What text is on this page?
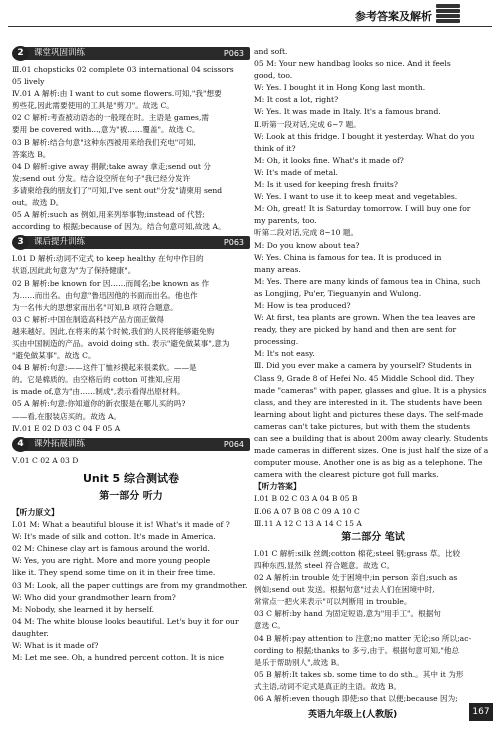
参考答案及解析
2	课堂巩固训练	P063

Ⅲ.01 chopsticks 02 complete 03 international 04 scissors

05 lively

Ⅳ.01 A 解析:由 I want to cut some flowers.可知,"我"想要

剪些花,因此需要使用的工具是"剪刀"。故选 C。

02 C 解析:考查被动语态的一般现在时。主语是 games,需

要用 be covered with...,意为"被……覆盖"。故选 C。

03 B 解析:结合句意"这种东西被用来给我们充电"可知,

答案选 B。

04 D 解析:give away 捐献;take away 拿走;send out 分

发;send out 分发。结合设空所在句子"我已经分发许

多请柬给我的朋友们了"可知,I've sent out"分发"请柬用 send

out。故选 D。

05 A 解析:such as 例如,用来列举事物;instead of 代替;

according to 根据;because of 因为。结合句意可知,故选 A。

3	课后提升训练	P063

Ⅰ.01 D 解析:动词不定式 to keep healthy 在句中作目的

状语,因此此句意为"为了保持健康"。

02 B 解析:be known for 因……而闻名;be known as 作

为……而出名。由句意"鲁迅因他的书面而出名。他也作

为一名伟大的思想家而出名"可知,B 项符合题意。

03 C 解析:中国在制造高科技产品方面正做得

越来越好。因此,在将来的某个时候,我们的人民将能够避免购

买由中国制造的产品。avoid doing sth. 表示"避免做某事",意为

"避免做某事"。故选 C。

04 B 解析:句意:——这件丁恤衫摸起来很柔软。——是

的。它是棉质的。由空格后的 cotton 可推知,应用

is made of,意为"由……制成",表示看得出原材料。

05 A 解析:句意:你知道你的新衣服是在哪儿买的吗?

——看,在服装店买的。故选 A。

Ⅳ.01 E 02 D 03 C 04 F 05 A

4	课外拓展训练	P064

Ⅴ.01 C 02 A 03 D

Unit 5 综合测试卷
第一部分 听力

【听力原文】

Ⅰ.01 M: What a beautiful blouse it is! What's it made of ?

W: It's made of silk and cotton. It's made in America.

02 M: Chinese clay art is famous around the world.

W: Yes, you are right. More and more young people

like it. They spend some time on it in their free time.

03 M: Look, all the paper cuttings are from my grandmother.

W: Who did your grandmother learn from?

M: Nobody, she learned it by herself.

04 M: The white blouse looks beautiful. Let's buy it for our

daughter.

W: What is it made of?

M: Let me see. Oh, a hundred percent cotton. It is nice

and soft.

05 M: Your new handbag looks so nice. And it feels

good, too.

W: Yes. I bought it in Hong Kong last month.

M: It cost a lot, right?

W: Yes. It was made in Italy. It's a famous brand.

Ⅱ.听第一段对话,完成 6~7 题。

W: Look at this fridge. I bought it yesterday. What do you

think of it?

M: Oh, it looks fine. What's it made of?

W: It's made of metal.

M: Is it used for keeping fresh fruits?

W: Yes. I want to use it to keep meat and vegetables.

M: Oh, great! It is Saturday tomorrow. I will buy one for

my parents, too.

听第二段对话,完成 8~10 题。

M: Do you know about tea?

W: Yes. China is famous for tea. It is produced in

many areas.

M: Yes. There are many kinds of famous tea in China, such

as Longjing, Pu'er, Tieguanyin and Wulong.

M: How is tea produced?

W: At first, tea plants are grown. When the tea leaves are

ready, they are picked by hand and then are sent for

processing.

M: It's not easy.

Ⅲ. Did you ever make a camera by yourself? Students in

Class 9, Grade 8 of Hefei No. 45 Middle School did. They

made "cameras" with paper, glasses and glue. It is a physics

class, and they are interested in it. The students have been

learning about light and pictures these days. The self-made

cameras can't take pictures, but with them the students

can see a building that is about 200m away clearly. Students

made cameras in different sizes. One is just half the size of a

computer mouse. Another one is as big as a telephone. The

camera with the clearest picture got full marks.

【听力答案】

Ⅰ.01 B 02 C 03 A 04 B 05 B

Ⅱ.06 A 07 B 08 C 09 A 10 C

Ⅲ.11 A 12 C 13 A 14 C 15 A

第二部分 笔试

Ⅰ.01 C 解析:silk 丝绸;cotton 棉花;steel 钢;grass 草。比较

四种东西,显然 steel 符合题意。故选 C。

02 A 解析:in trouble 处于困境中;in person 亲自;such as

例如;send out 发送。根据句意"过去人们在困境中时,

常常点一把火来表示"可以判断用 in trouble。

03 C 解析:by hand 为固定短语,意为"用手工"。根据句

意选 C。

04 B 解析:pay attention to 注意;no matter 无论;so 所以;ac-

cording to 根据;thanks to 多亏,由于。根据句意可知,"他总

是乐于帮助别人",故选 B。

05 B 解析:It takes sb. some time to do sth.。其中 it 为形

式主语,动词不定式是真正的主语。故选 B。

06 A 解析:even though 即使;so that 以便;because 因为;

英语九年级上(人教版)	167
